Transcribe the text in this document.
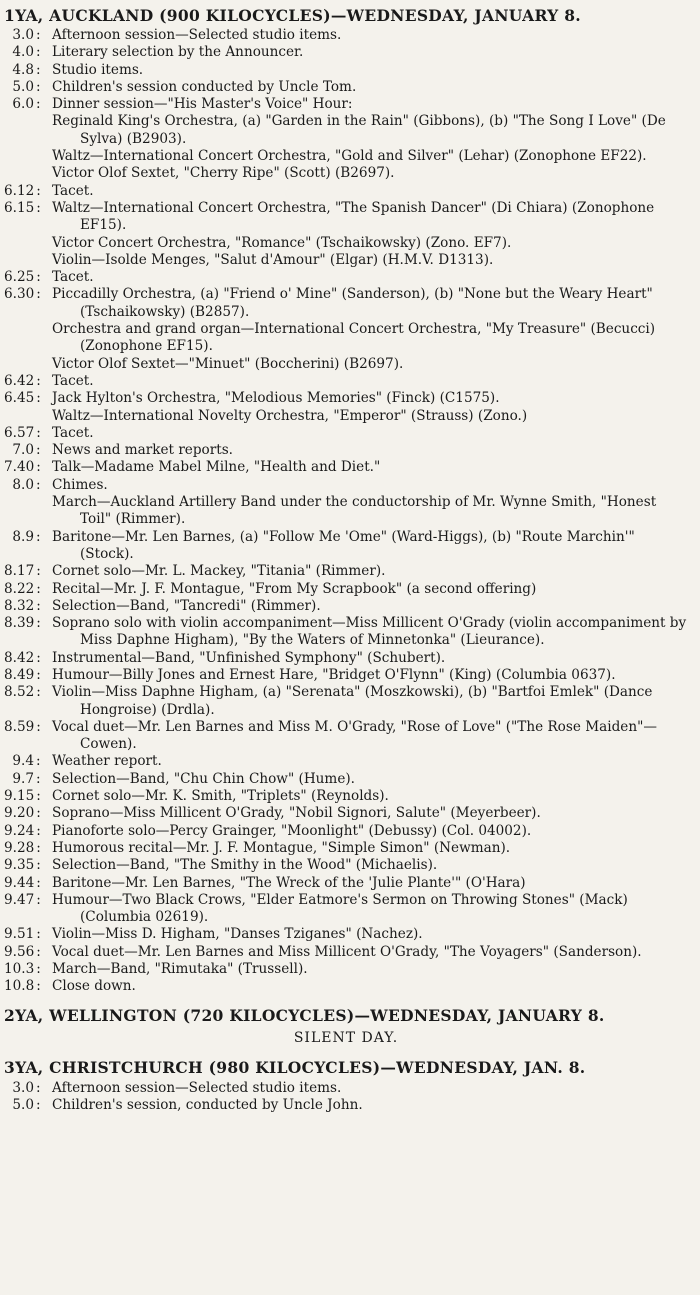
1YA, AUCKLAND (900 KILOCYCLES)—WEDNESDAY, JANUARY 8.
3.0 : Afternoon session—Selected studio items.
4.0 : Literary selection by the Announcer.
4.8 : Studio items.
5.0 : Children's session conducted by Uncle Tom.
6.0 : Dinner session—"His Master's Voice" Hour:
Reginald King's Orchestra, (a) "Garden in the Rain" (Gibbons), (b) "The Song I Love" (De Sylva) (B2903).
Waltz—International Concert Orchestra, "Gold and Silver" (Lehar) (Zonophone EF22).
Victor Olof Sextet, "Cherry Ripe" (Scott) (B2697).
6.12 : Tacet.
6.15 : Waltz—International Concert Orchestra, "The Spanish Dancer" (Di Chiara) (Zonophone EF15).
Victor Concert Orchestra, "Romance" (Tschaikowsky) (Zono. EF7).
Violin—Isolde Menges, "Salut d'Amour" (Elgar) (H.M.V. D1313).
6.25 : Tacet.
6.30 : Piccadilly Orchestra, (a) "Friend o' Mine" (Sanderson), (b) "None but the Weary Heart" (Tschaikowsky) (B2857).
Orchestra and grand organ—International Concert Orchestra, "My Treasure" (Becucci) (Zonophone EF15).
Victor Olof Sextet—"Minuet" (Boccherini) (B2697).
6.42 : Tacet.
6.45 : Jack Hylton's Orchestra, "Melodious Memories" (Finck) (C1575).
Waltz—International Novelty Orchestra, "Emperor" (Strauss) (Zono.)
6.57 : Tacet.
7.0 : News and market reports.
7.40 : Talk—Madame Mabel Milne, "Health and Diet."
8.0 : Chimes.
March—Auckland Artillery Band under the conductorship of Mr. Wynne Smith, "Honest Toil" (Rimmer).
8.9 : Baritone—Mr. Len Barnes, (a) "Follow Me 'Ome" (Ward-Higgs), (b) "Route Marchin'" (Stock).
8.17 : Cornet solo—Mr. L. Mackey, "Titania" (Rimmer).
8.22 : Recital—Mr. J. F. Montague, "From My Scrapbook" (a second offering)
8.32 : Selection—Band, "Tancredi" (Rimmer).
8.39 : Soprano solo with violin accompaniment—Miss Millicent O'Grady (violin accompaniment by Miss Daphne Higham), "By the Waters of Minnetonka" (Lieurance).
8.42 : Instrumental—Band, "Unfinished Symphony" (Schubert).
8.49 : Humour—Billy Jones and Ernest Hare, "Bridget O'Flynn" (King) (Columbia 0637).
8.52 : Violin—Miss Daphne Higham, (a) "Serenata" (Moszkowski), (b) "Bartfoi Emlek" (Dance Hongroise) (Drdla).
8.59 : Vocal duet—Mr. Len Barnes and Miss M. O'Grady, "Rose of Love" ("The Rose Maiden"—Cowen).
9.4 : Weather report.
9.7 : Selection—Band, "Chu Chin Chow" (Hume).
9.15 : Cornet solo—Mr. K. Smith, "Triplets" (Reynolds).
9.20 : Soprano—Miss Millicent O'Grady, "Nobil Signori, Salute" (Meyerbeer).
9.24 : Pianoforte solo—Percy Grainger, "Moonlight" (Debussy) (Col. 04002).
9.28 : Humorous recital—Mr. J. F. Montague, "Simple Simon" (Newman).
9.35 : Selection—Band, "The Smithy in the Wood" (Michaelis).
9.44 : Baritone—Mr. Len Barnes, "The Wreck of the 'Julie Plante'" (O'Hara)
9.47 : Humour—Two Black Crows, "Elder Eatmore's Sermon on Throwing Stones" (Mack) (Columbia 02619).
9.51 : Violin—Miss D. Higham, "Danses Tziganes" (Nachez).
9.56 : Vocal duet—Mr. Len Barnes and Miss Millicent O'Grady, "The Voyagers" (Sanderson).
10.3 : March—Band, "Rimutaka" (Trussell).
10.8 : Close down.
2YA, WELLINGTON (720 KILOCYCLES)—WEDNESDAY, JANUARY 8.
SILENT DAY.
3YA, CHRISTCHURCH (980 KILOCYCLES)—WEDNESDAY, JAN. 8.
3.0 : Afternoon session—Selected studio items.
5.0 : Children's session, conducted by Uncle John.
